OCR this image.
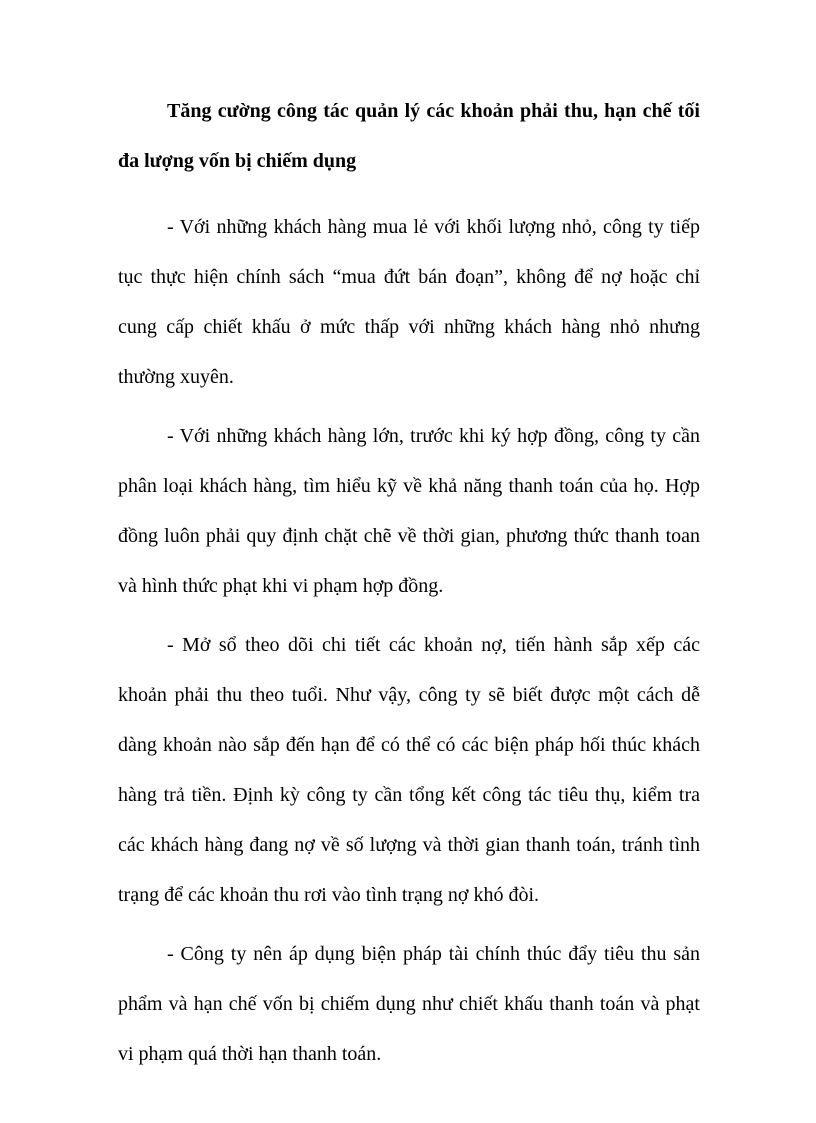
Tăng cường công tác quản lý các khoản phải thu, hạn chế tối đa lượng vốn bị chiếm dụng

- Với những khách hàng mua lẻ với khối lượng nhỏ, công ty tiếp tục thực hiện chính sách “mua đứt bán đoạn”, không để nợ hoặc chỉ cung cấp chiết khấu ở mức thấp với những khách hàng nhỏ nhưng thường xuyên.

- Với những khách hàng lớn, trước khi ký hợp đồng, công ty cần phân loại khách hàng, tìm hiểu kỹ về khả năng thanh toán của họ. Hợp đồng luôn phải quy định chặt chẽ về thời gian, phương thức thanh toan và hình thức phạt khi vi phạm hợp đồng.

- Mở sổ theo dõi chi tiết các khoản nợ, tiến hành sắp xếp các khoản phải thu theo tuổi. Như vậy, công ty sẽ biết được một cách dễ dàng khoản nào sắp đến hạn để có thể có các biện pháp hối thúc khách hàng trả tiền. Định kỳ công ty cần tổng kết công tác tiêu thụ, kiểm tra các khách hàng đang nợ về số lượng và thời gian thanh toán, tránh tình trạng để các khoản thu rơi vào tình trạng nợ khó đòi.

- Công ty nên áp dụng biện pháp tài chính thúc đẩy tiêu thu sản phẩm và hạn chế vốn bị chiếm dụng như chiết khấu thanh toán và phạt vi phạm quá thời hạn thanh toán.
